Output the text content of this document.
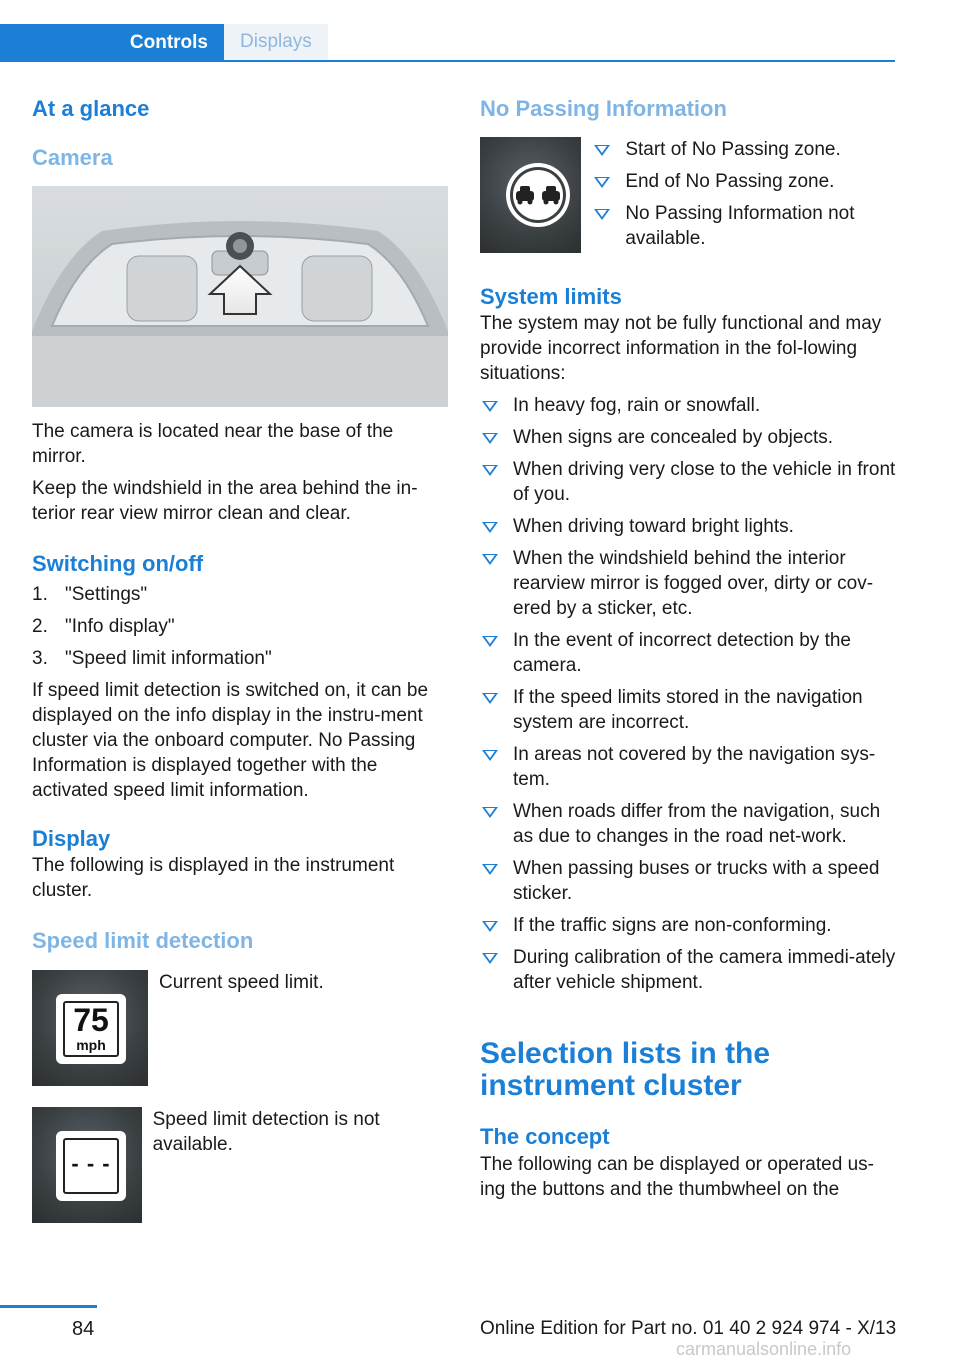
Controls	Displays
At a glance
Camera

The camera is located near the base of the mirror.

Keep the windshield in the area behind the in‐terior rear view mirror clean and clear.

Switching on/off
1. "Settings"
2. "Info display"
3. "Speed limit information"

If speed limit detection is switched on, it can be displayed on the info display in the instru‐ment cluster via the onboard computer. No Passing Information is displayed together with the activated speed limit information.

Display

The following is displayed in the instrument cluster.

Speed limit detection
75
mph

Current speed limit.

- - -

Speed limit detection is not available.

No Passing Information
Start of No Passing zone.
End of No Passing zone.
No Passing Information not available.
System limits

The system may not be fully functional and may provide incorrect information in the fol‐lowing situations:

In heavy fog, rain or snowfall.
When signs are concealed by objects.
When driving very close to the vehicle in front of you.
When driving toward bright lights.
When the windshield behind the interior rearview mirror is fogged over, dirty or cov‐ered by a sticker, etc.
In the event of incorrect detection by the camera.
If the speed limits stored in the navigation system are incorrect.
In areas not covered by the navigation sys‐tem.
When roads differ from the navigation, such as due to changes in the road net‐work.
When passing buses or trucks with a speed sticker.
If the traffic signs are non-conforming.
During calibration of the camera immedi‐ately after vehicle shipment.
Selection lists in the instrument cluster
The concept

The following can be displayed or operated us‐ing the buttons and the thumbwheel on the

84	Online Edition for Part no. 01 40 2 924 974 - X/13
carmanualsonline.info
